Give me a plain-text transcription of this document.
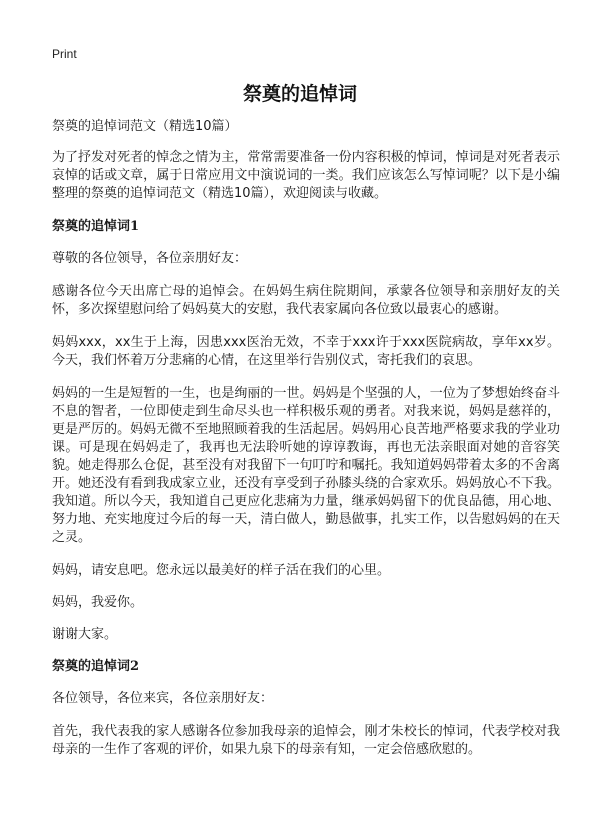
Print
祭奠的追悼词

祭奠的追悼词范文（精选10篇）

为了抒发对死者的悼念之情为主，常常需要准备一份内容积极的悼词，悼词是对死者表示哀悼的话或文章，属于日常应用文中演说词的一类。我们应该怎么写悼词呢？以下是小编整理的祭奠的追悼词范文（精选10篇），欢迎阅读与收藏。

祭奠的追悼词1

尊敬的各位领导，各位亲朋好友：

感谢各位今天出席亡母的追悼会。在妈妈生病住院期间，承蒙各位领导和亲朋好友的关怀，多次探望慰问给了妈妈莫大的安慰，我代表家属向各位致以最衷心的感谢。

妈妈xxx，xx生于上海，因患xxx医治无效，不幸于xxx许于xxx医院病故，享年xx岁。今天，我们怀着万分悲痛的心情，在这里举行告别仪式，寄托我们的哀思。

妈妈的一生是短暂的一生，也是绚丽的一世。妈妈是个坚强的人，一位为了梦想始终奋斗不息的智者，一位即使走到生命尽头也一样积极乐观的勇者。对我来说，妈妈是慈祥的，更是严厉的。妈妈无微不至地照顾着我的生活起居。妈妈用心良苦地严格要求我的学业功课。可是现在妈妈走了，我再也无法聆听她的谆谆教诲，再也无法亲眼面对她的音容笑貌。她走得那么仓促，甚至没有对我留下一句叮咛和嘱托。我知道妈妈带着太多的不舍离开。她还没有看到我成家立业，还没有享受到子孙膝头绕的合家欢乐。妈妈放心不下我。我知道。所以今天，我知道自己更应化悲痛为力量，继承妈妈留下的优良品德，用心地、努力地、充实地度过今后的每一天，清白做人，勤恳做事，扎实工作，以告慰妈妈的在天之灵。

妈妈，请安息吧。您永远以最美好的样子活在我们的心里。

妈妈，我爱你。

谢谢大家。

祭奠的追悼词2

各位领导，各位来宾，各位亲朋好友：

首先，我代表我的家人感谢各位参加我母亲的追悼会，刚才朱校长的悼词，代表学校对我母亲的一生作了客观的评价，如果九泉下的母亲有知，一定会倍感欣慰的。
